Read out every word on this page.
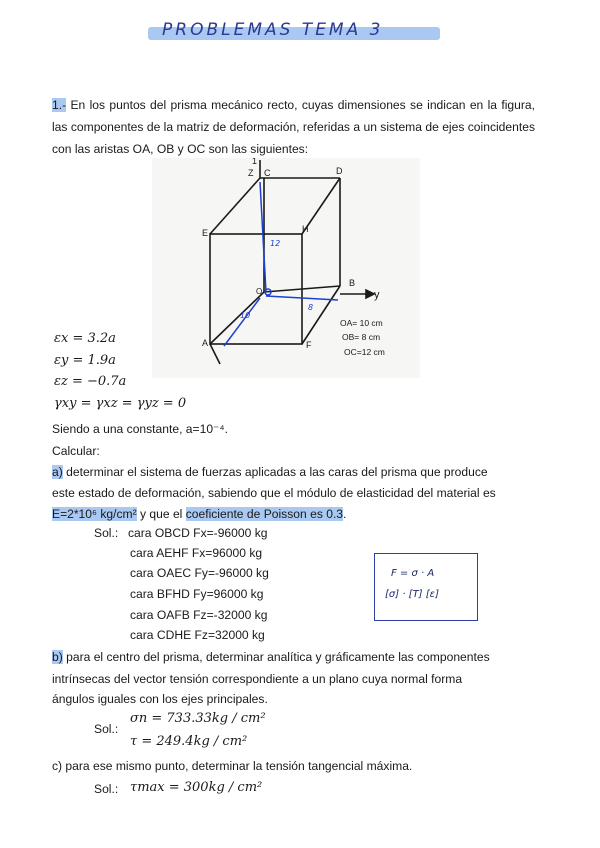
PROBLEMAS TEMA 3
1.- En los puntos del prisma mecánico recto, cuyas dimensiones se indican en la figura, las componentes de la matriz de deformación, referidas a un sistema de ejes coincidentes con las aristas OA, OB y OC son las siguientes:
1
Z C	D
E	H
B
y
O
A	F
OA= 10 cm
OB= 8 cm
OC=12 cm
12
8
10
εx = 3.2a
εy = 1.9a
εz = −0.7a
γxy = γxz = γyz = 0
Siendo a una constante, a=10⁻⁴.
Calcular:
a) determinar el sistema de fuerzas aplicadas a las caras del prisma que produce
este estado de deformación, sabiendo que el módulo de elasticidad del material es
E=2*10⁶ kg/cm² y que el coeficiente de Poisson es 0.3.
Sol.: cara OBCD Fx=-96000 kg
cara AEHF Fx=96000 kg
cara OAEC Fy=-96000 kg
cara BFHD Fy=96000 kg
cara OAFB Fz=-32000 kg
cara CDHE Fz=32000 kg
F = σ · A
[σ] · [T] [ε]
b) para el centro del prisma, determinar analítica y gráficamente las componentes
intrínsecas del vector tensión correspondiente a un plano cuya normal forma
ángulos iguales con los ejes principales.
Sol.:
σn = 733.33kg / cm²
τ = 249.4kg / cm²
c) para ese mismo punto, determinar la tensión tangencial máxima.
Sol.: τmax = 300kg / cm²
